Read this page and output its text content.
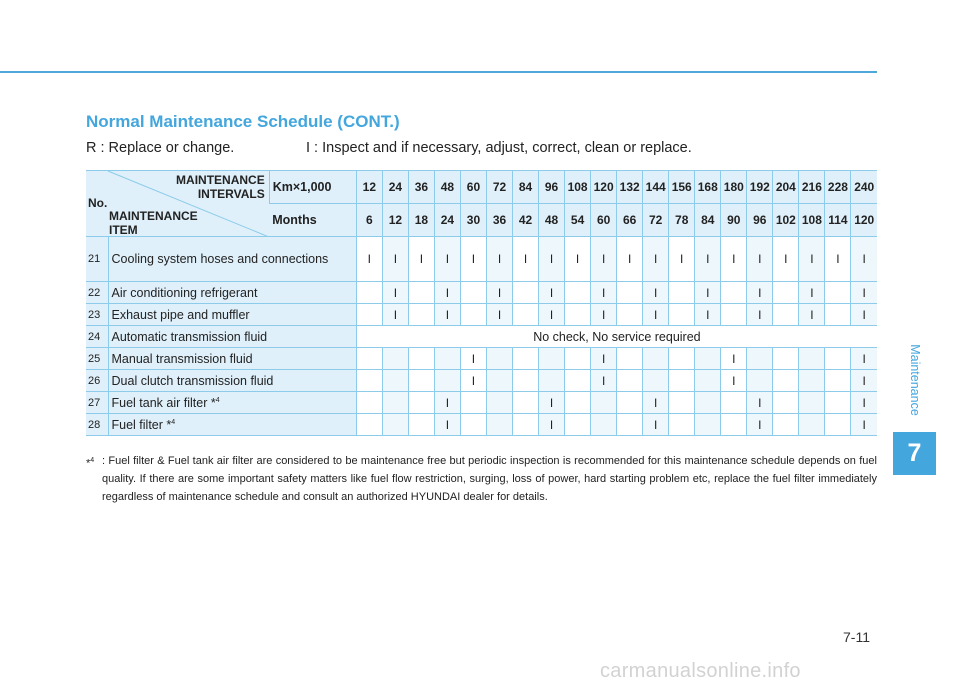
Normal Maintenance Schedule (CONT.)
R : Replace or change.	I : Inspect and if necessary, adjust, correct, clean or replace.
No.
MAINTENANCE
INTERVALS
MAINTENANCE
ITEM		Km×1,000	12	24	36	48	60	72	84	96	108	120	132	144	156	168	180	192	204	216	228	240
		Months	6	12	18	24	30	36	42	48	54	60	66	72	78	84	90	96	102	108	114	120
21	Cooling system hoses and connections		I	I	I	I	I	I	I	I	I	I	I	I	I	I	I	I	I	I	I	I
22	Air conditioning refrigerant			I		I		I		I		I		I		I		I		I		I
23	Exhaust pipe and muffler			I		I		I		I		I		I		I		I		I		I
24	Automatic transmission fluid		No check, No service required																			
25	Manual transmission fluid						I					I					I					I
26	Dual clutch transmission fluid						I					I					I					I
27	Fuel tank air filter *$^4$					I				I				I				I				I
28	Fuel filter *$^4$					I				I				I				I				I
*$^4$ : Fuel filter & Fuel tank air filter are considered to be maintenance free but periodic inspection is recommended for this maintenance schedule depends on fuel quality. If there are some important safety matters like fuel flow restriction, surging, loss of power, hard starting problem etc, replace the fuel filter immediately regardless of maintenance schedule and consult an authorized HYUNDAI dealer for details.
Maintenance
7
7-11
carmanualsonline.info
